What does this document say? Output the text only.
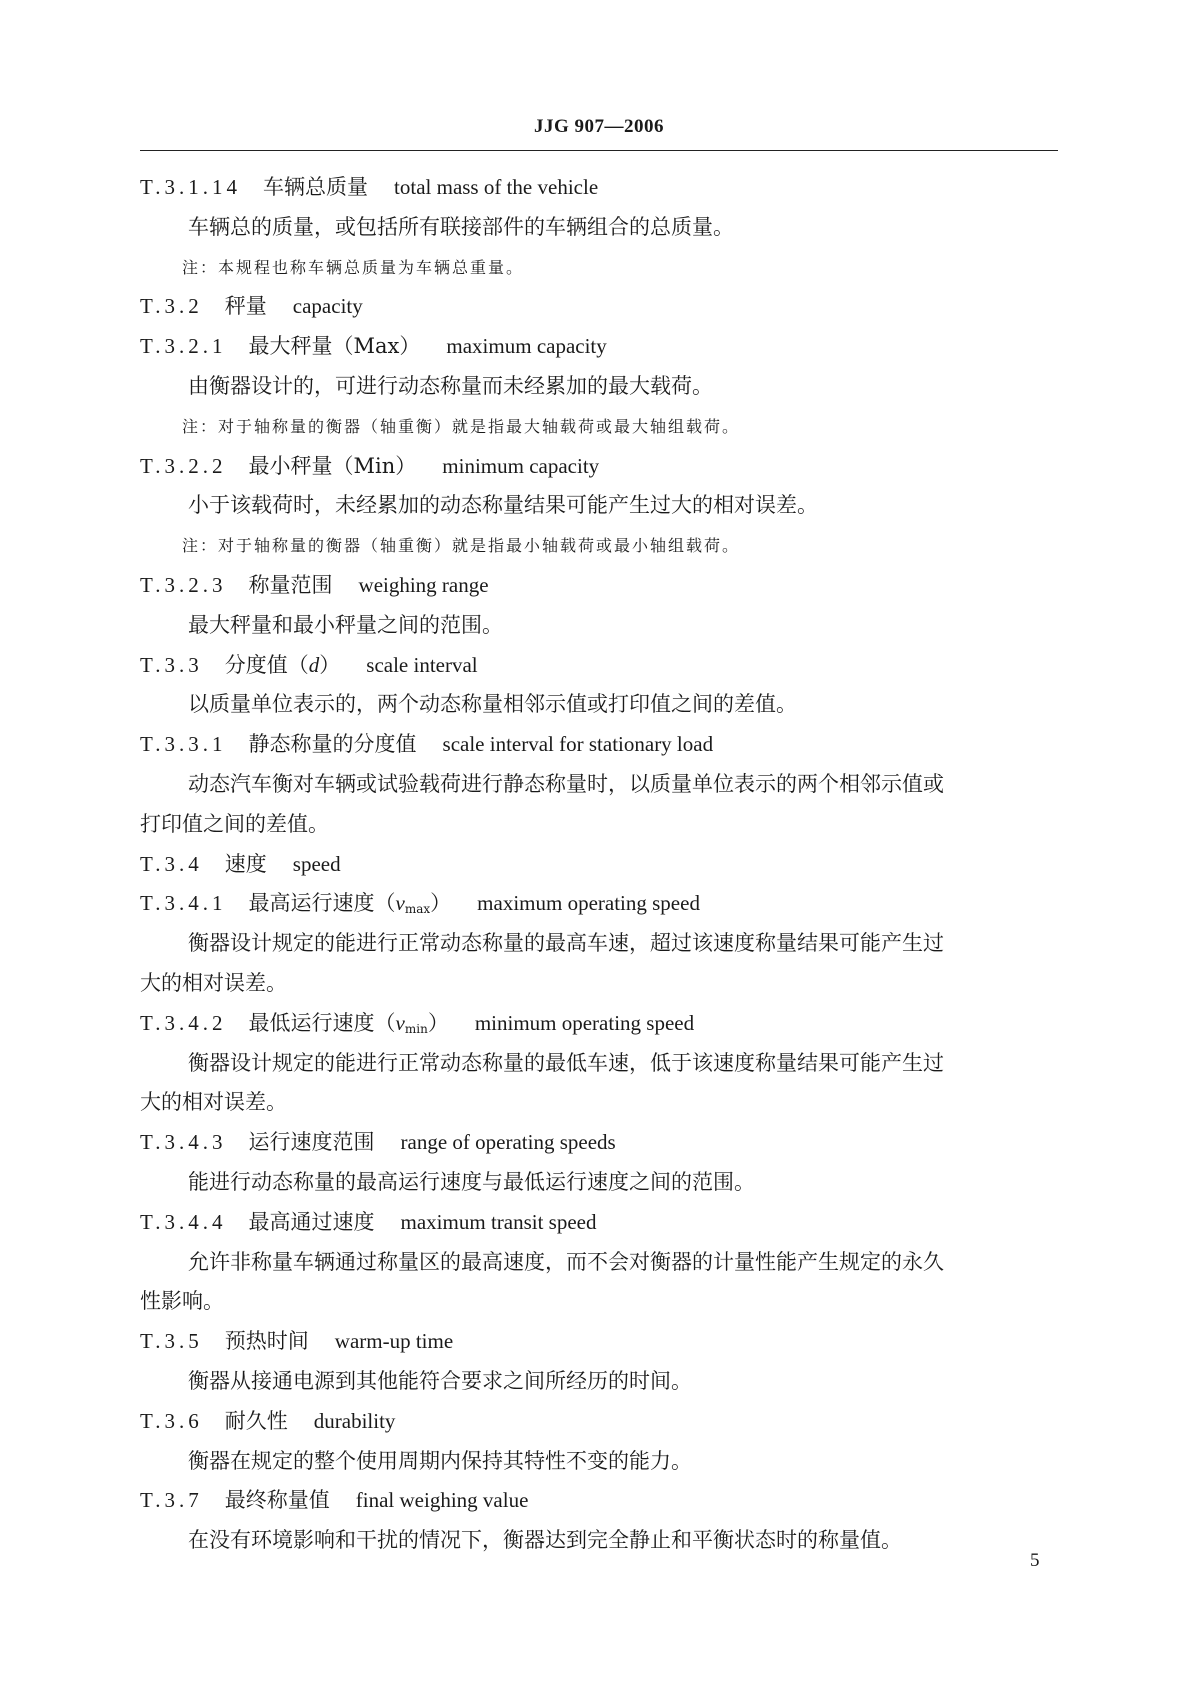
JJG 907—2006
T.3.1.14 车辆总质量 total mass of the vehicle
车辆总的质量，或包括所有联接部件的车辆组合的总质量。
注：本规程也称车辆总质量为车辆总重量。
T.3.2 秤量 capacity
T.3.2.1 最大秤量（Max） maximum capacity
由衡器设计的，可进行动态称量而未经累加的最大载荷。
注：对于轴称量的衡器（轴重衡）就是指最大轴载荷或最大轴组载荷。
T.3.2.2 最小秤量（Min） minimum capacity
小于该载荷时，未经累加的动态称量结果可能产生过大的相对误差。
注：对于轴称量的衡器（轴重衡）就是指最小轴载荷或最小轴组载荷。
T.3.2.3 称量范围 weighing range
最大秤量和最小秤量之间的范围。
T.3.3 分度值（d） scale interval
以质量单位表示的，两个动态称量相邻示值或打印值之间的差值。
T.3.3.1 静态称量的分度值 scale interval for stationary load
动态汽车衡对车辆或试验载荷进行静态称量时，以质量单位表示的两个相邻示值或
打印值之间的差值。
T.3.4 速度 speed
T.3.4.1 最高运行速度$(v_{max})$ maximum operating speed
衡器设计规定的能进行正常动态称量的最高车速，超过该速度称量结果可能产生过
大的相对误差。
T.3.4.2 最低运行速度$(v_{min})$ minimum operating speed
衡器设计规定的能进行正常动态称量的最低车速，低于该速度称量结果可能产生过
大的相对误差。
T.3.4.3 运行速度范围 range of operating speeds
能进行动态称量的最高运行速度与最低运行速度之间的范围。
T.3.4.4 最高通过速度 maximum transit speed
允许非称量车辆通过称量区的最高速度，而不会对衡器的计量性能产生规定的永久
性影响。
T.3.5 预热时间 warm-up time
衡器从接通电源到其他能符合要求之间所经历的时间。
T.3.6 耐久性 durability
衡器在规定的整个使用周期内保持其特性不变的能力。
T.3.7 最终称量值 final weighing value
在没有环境影响和干扰的情况下，衡器达到完全静止和平衡状态时的称量值。
5
